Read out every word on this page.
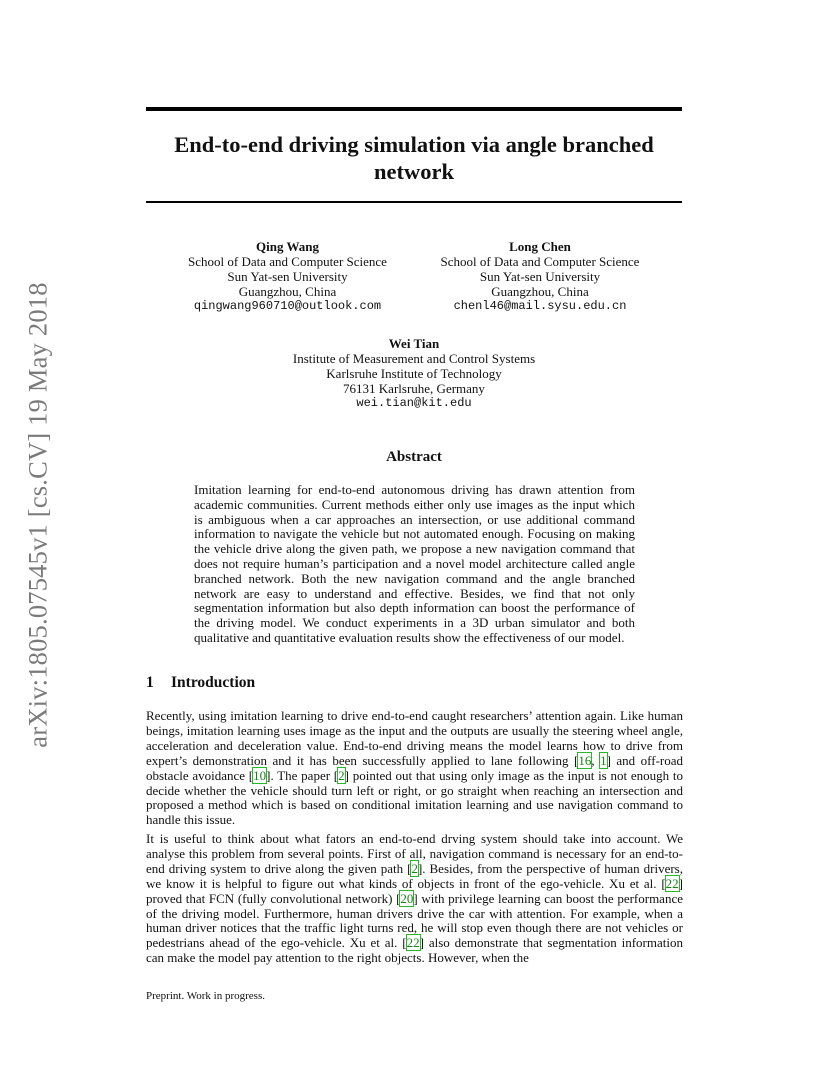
arXiv:1805.07545v1 [cs.CV] 19 May 2018
End-to-end driving simulation via angle branched
network
Qing Wang
School of Data and Computer Science
Sun Yat-sen University
Guangzhou, China
qingwang960710@outlook.com
Long Chen
School of Data and Computer Science
Sun Yat-sen University
Guangzhou, China
chenl46@mail.sysu.edu.cn
Wei Tian
Institute of Measurement and Control Systems
Karlsruhe Institute of Technology
76131 Karlsruhe, Germany
wei.tian@kit.edu
Abstract
Imitation learning for end-to-end autonomous driving has drawn attention from academic communities. Current methods either only use images as the input which is ambiguous when a car approaches an intersection, or use additional command information to navigate the vehicle but not automated enough. Focusing on making the vehicle drive along the given path, we propose a new navigation command that does not require human’s participation and a novel model architecture called angle branched network. Both the new navigation command and the angle branched network are easy to understand and effective. Besides, we find that not only segmentation information but also depth information can boost the performance of the driving model. We conduct experiments in a 3D urban simulator and both qualitative and quantitative evaluation results show the effectiveness of our model.
1 Introduction

Recently, using imitation learning to drive end-to-end caught researchers’ attention again. Like human beings, imitation learning uses image as the input and the outputs are usually the steering wheel angle, acceleration and deceleration value. End-to-end driving means the model learns how to drive from expert’s demonstration and it has been successfully applied to lane following [16, 1] and off-road obstacle avoidance [10]. The paper [2] pointed out that using only image as the input is not enough to decide whether the vehicle should turn left or right, or go straight when reaching an intersection and proposed a method which is based on conditional imitation learning and use navigation command to handle this issue.

It is useful to think about what fators an end-to-end drving system should take into account. We analyse this problem from several points. First of all, navigation command is necessary for an end-to-end driving system to drive along the given path [2]. Besides, from the perspective of human drivers, we know it is helpful to figure out what kinds of objects in front of the ego-vehicle. Xu et al. [22] proved that FCN (fully convolutional network) [20] with privilege learning can boost the performance of the driving model. Furthermore, human drivers drive the car with attention. For example, when a human driver notices that the traffic light turns red, he will stop even though there are not vehicles or pedestrians ahead of the ego-vehicle. Xu et al. [22] also demonstrate that segmentation information can make the model pay attention to the right objects. However, when the

Preprint. Work in progress.
